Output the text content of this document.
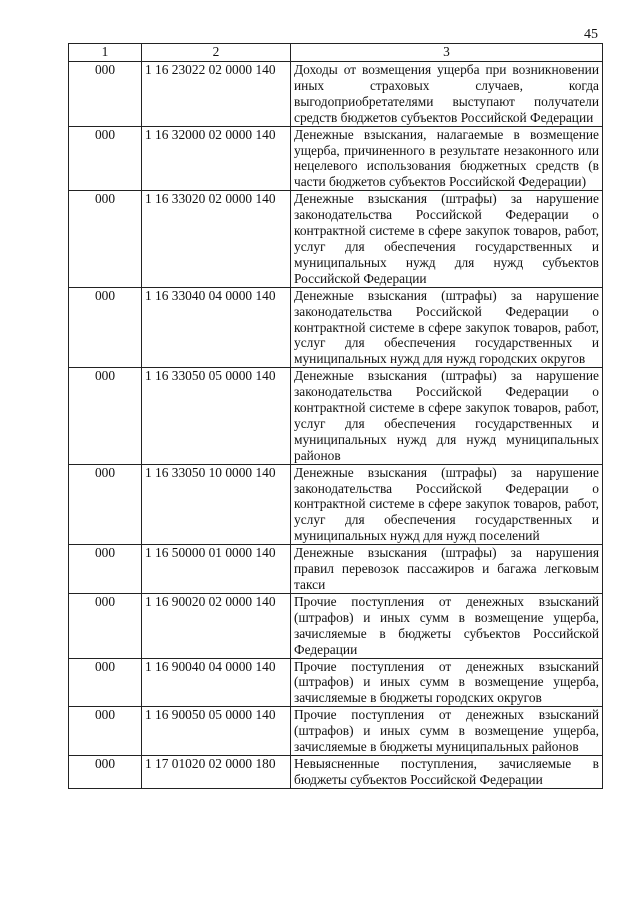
45
1	2	3
000	1 16 23022 02 0000 140	Доходы от возмещения ущерба при возникновении иных страховых случаев, когда выгодоприобретателями выступают получатели средств бюджетов субъектов Российской Федерации
000	1 16 32000 02 0000 140	Денежные взыскания, налагаемые в возмещение ущерба, причиненного в результате незаконного или нецелевого использования бюджетных средств (в части бюджетов субъектов Российской Федерации)
000	1 16 33020 02 0000 140	Денежные взыскания (штрафы) за нарушение законодательства Российской Федерации о контрактной системе в сфере закупок товаров, работ, услуг для обеспечения государственных и муниципальных нужд для нужд субъектов Российской Федерации
000	1 16 33040 04 0000 140	Денежные взыскания (штрафы) за нарушение законодательства Российской Федерации о контрактной системе в сфере закупок товаров, работ, услуг для обеспечения государственных и муниципальных нужд для нужд городских округов
000	1 16 33050 05 0000 140	Денежные взыскания (штрафы) за нарушение законодательства Российской Федерации о контрактной системе в сфере закупок товаров, работ, услуг для обеспечения государственных и муниципальных нужд для нужд муниципальных районов
000	1 16 33050 10 0000 140	Денежные взыскания (штрафы) за нарушение законодательства Российской Федерации о контрактной системе в сфере закупок товаров, работ, услуг для обеспечения государственных и муниципальных нужд для нужд поселений
000	1 16 50000 01 0000 140	Денежные взыскания (штрафы) за нарушения правил перевозок пассажиров и багажа легковым такси
000	1 16 90020 02 0000 140	Прочие поступления от денежных взысканий (штрафов) и иных сумм в возмещение ущерба, зачисляемые в бюджеты субъектов Российской Федерации
000	1 16 90040 04 0000 140	Прочие поступления от денежных взысканий (штрафов) и иных сумм в возмещение ущерба, зачисляемые в бюджеты городских округов
000	1 16 90050 05 0000 140	Прочие поступления от денежных взысканий (штрафов) и иных сумм в возмещение ущерба, зачисляемые в бюджеты муниципальных районов
000	1 17 01020 02 0000 180	Невыясненные поступления, зачисляемые в бюджеты субъектов Российской Федерации
